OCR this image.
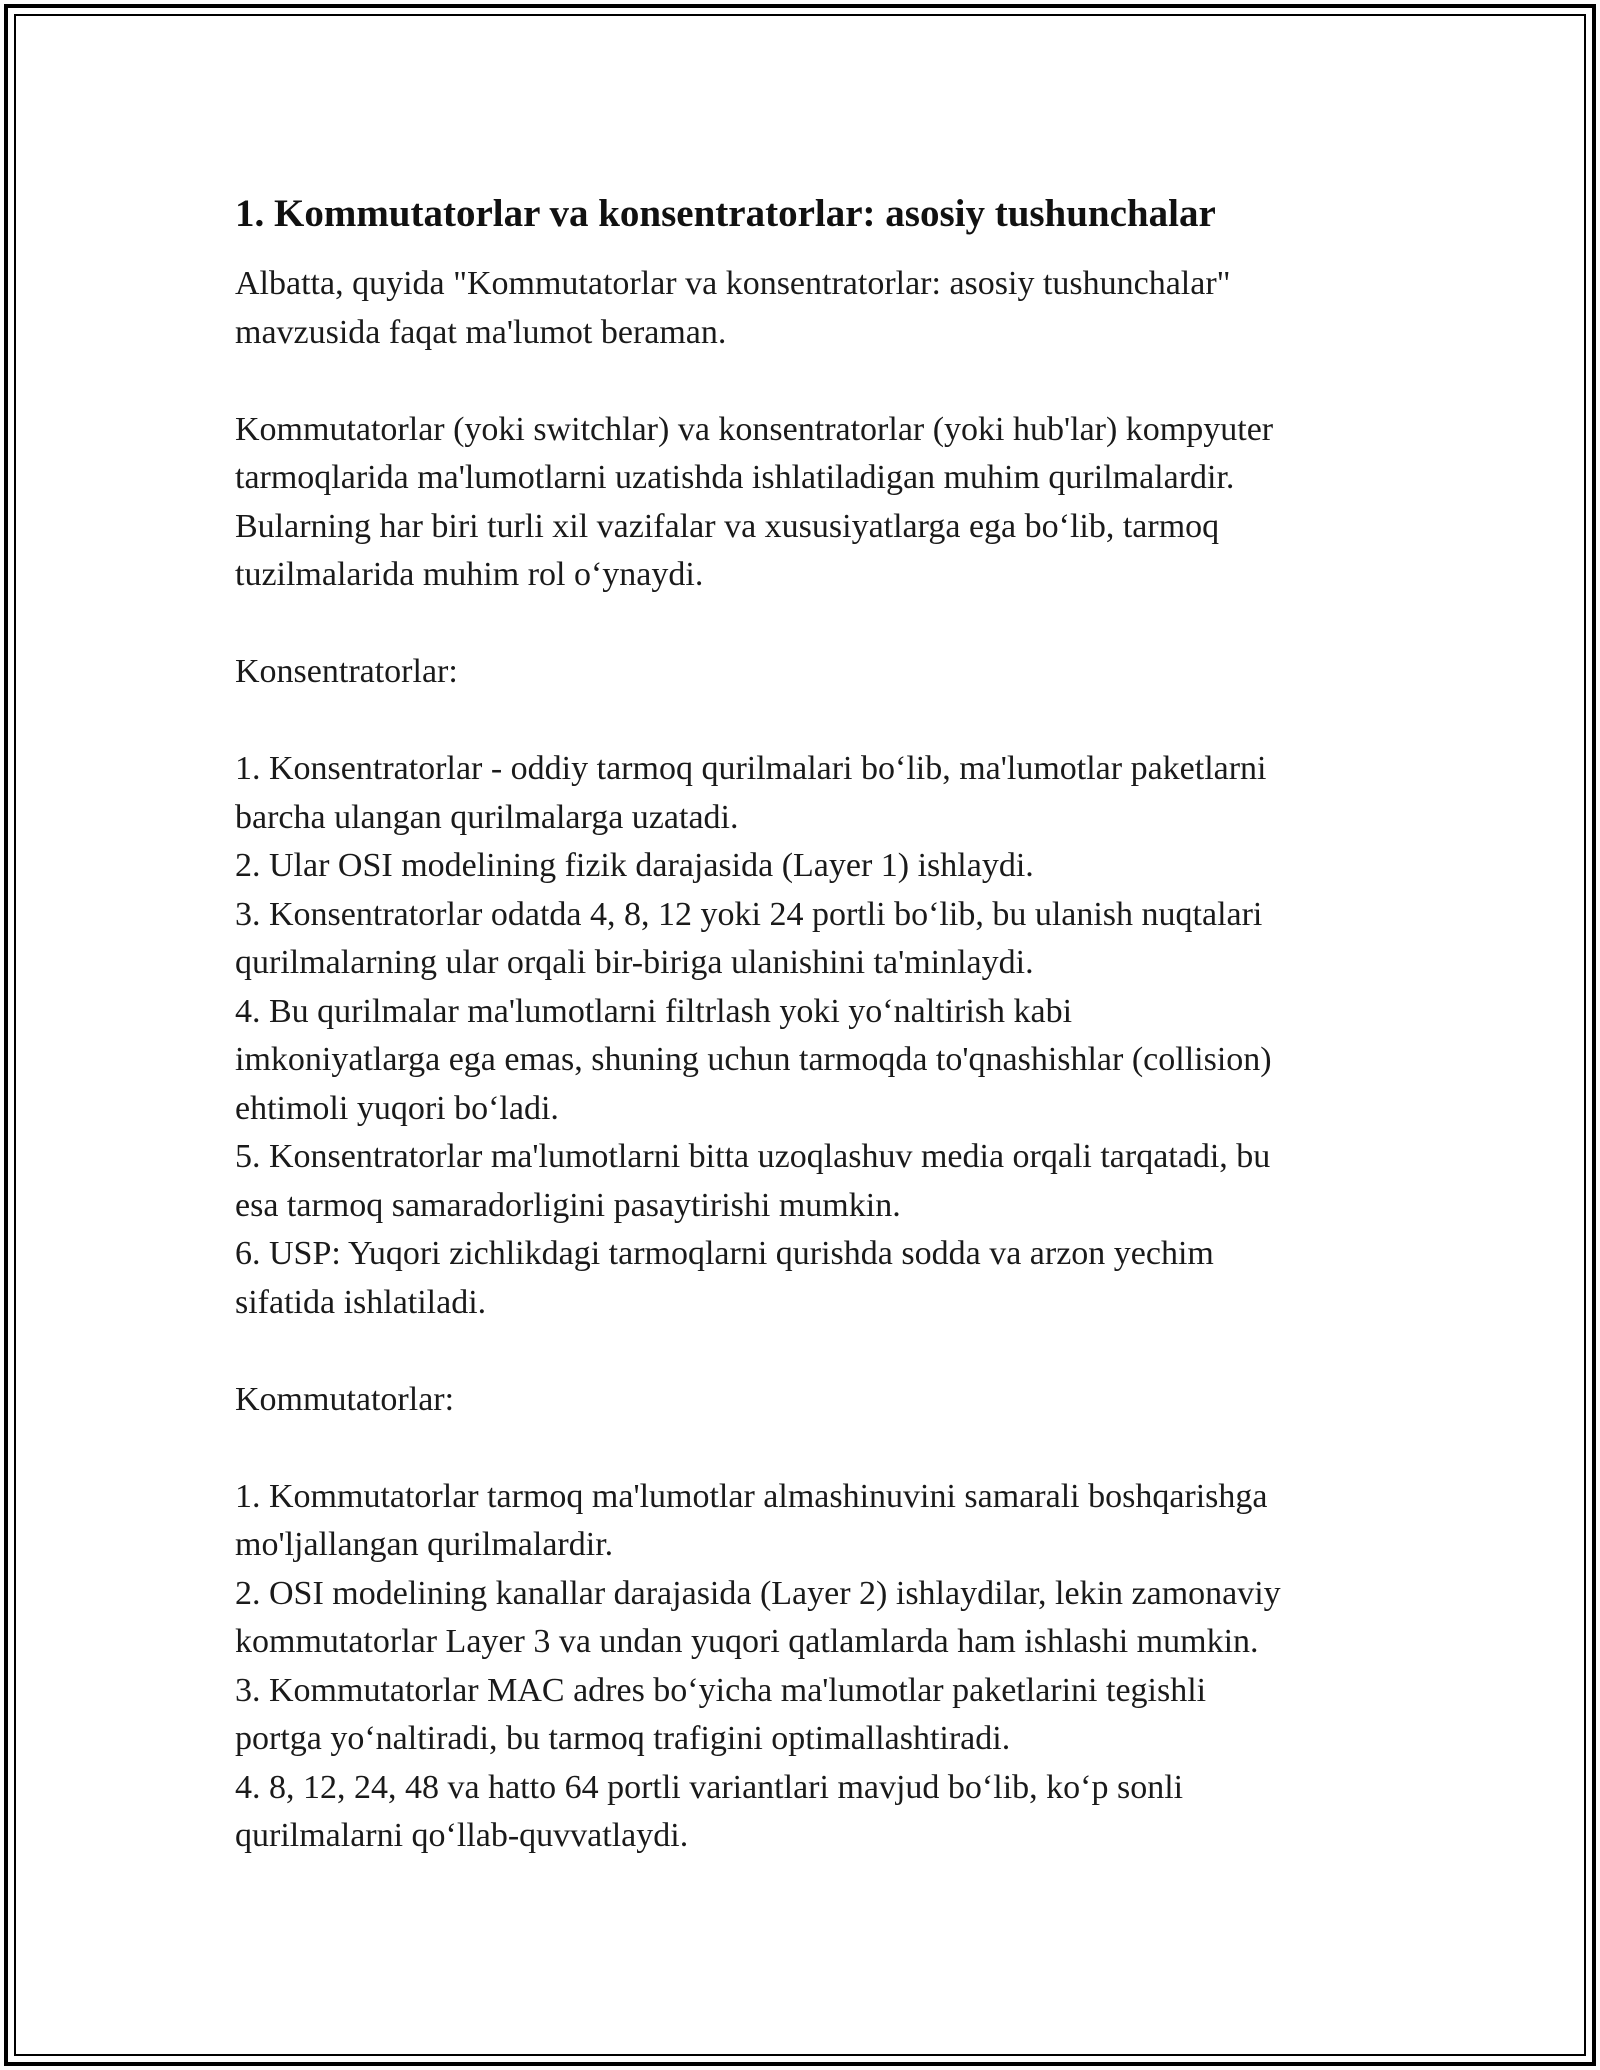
1. Kommutatorlar va konsentratorlar: asosiy tushunchalar

Albatta, quyida "Kommutatorlar va konsentratorlar: asosiy tushunchalar"
mavzusida faqat ma'lumot beraman.

Kommutatorlar (yoki switchlar) va konsentratorlar (yoki hub'lar) kompyuter
tarmoqlarida ma'lumotlarni uzatishda ishlatiladigan muhim qurilmalardir.
Bularning har biri turli xil vazifalar va xususiyatlarga ega bo‘lib, tarmoq
tuzilmalarida muhim rol o‘ynaydi.

Konsentratorlar:

1. Konsentratorlar - oddiy tarmoq qurilmalari bo‘lib, ma'lumotlar paketlarni
barcha ulangan qurilmalarga uzatadi.

2. Ular OSI modelining fizik darajasida (Layer 1) ishlaydi.

3. Konsentratorlar odatda 4, 8, 12 yoki 24 portli bo‘lib, bu ulanish nuqtalari
qurilmalarning ular orqali bir-biriga ulanishini ta'minlaydi.

4. Bu qurilmalar ma'lumotlarni filtrlash yoki yo‘naltirish kabi
imkoniyatlarga ega emas, shuning uchun tarmoqda to'qnashishlar (collision)
ehtimoli yuqori bo‘ladi.

5. Konsentratorlar ma'lumotlarni bitta uzoqlashuv media orqali tarqatadi, bu
esa tarmoq samaradorligini pasaytirishi mumkin.

6. USP: Yuqori zichlikdagi tarmoqlarni qurishda sodda va arzon yechim
sifatida ishlatiladi.

Kommutatorlar:

1. Kommutatorlar tarmoq ma'lumotlar almashinuvini samarali boshqarishga
mo'ljallangan qurilmalardir.

2. OSI modelining kanallar darajasida (Layer 2) ishlaydilar, lekin zamonaviy
kommutatorlar Layer 3 va undan yuqori qatlamlarda ham ishlashi mumkin.

3. Kommutatorlar MAC adres bo‘yicha ma'lumotlar paketlarini tegishli
portga yo‘naltiradi, bu tarmoq trafigini optimallashtiradi.

4. 8, 12, 24, 48 va hatto 64 portli variantlari mavjud bo‘lib, ko‘p sonli
qurilmalarni qo‘llab-quvvatlaydi.
